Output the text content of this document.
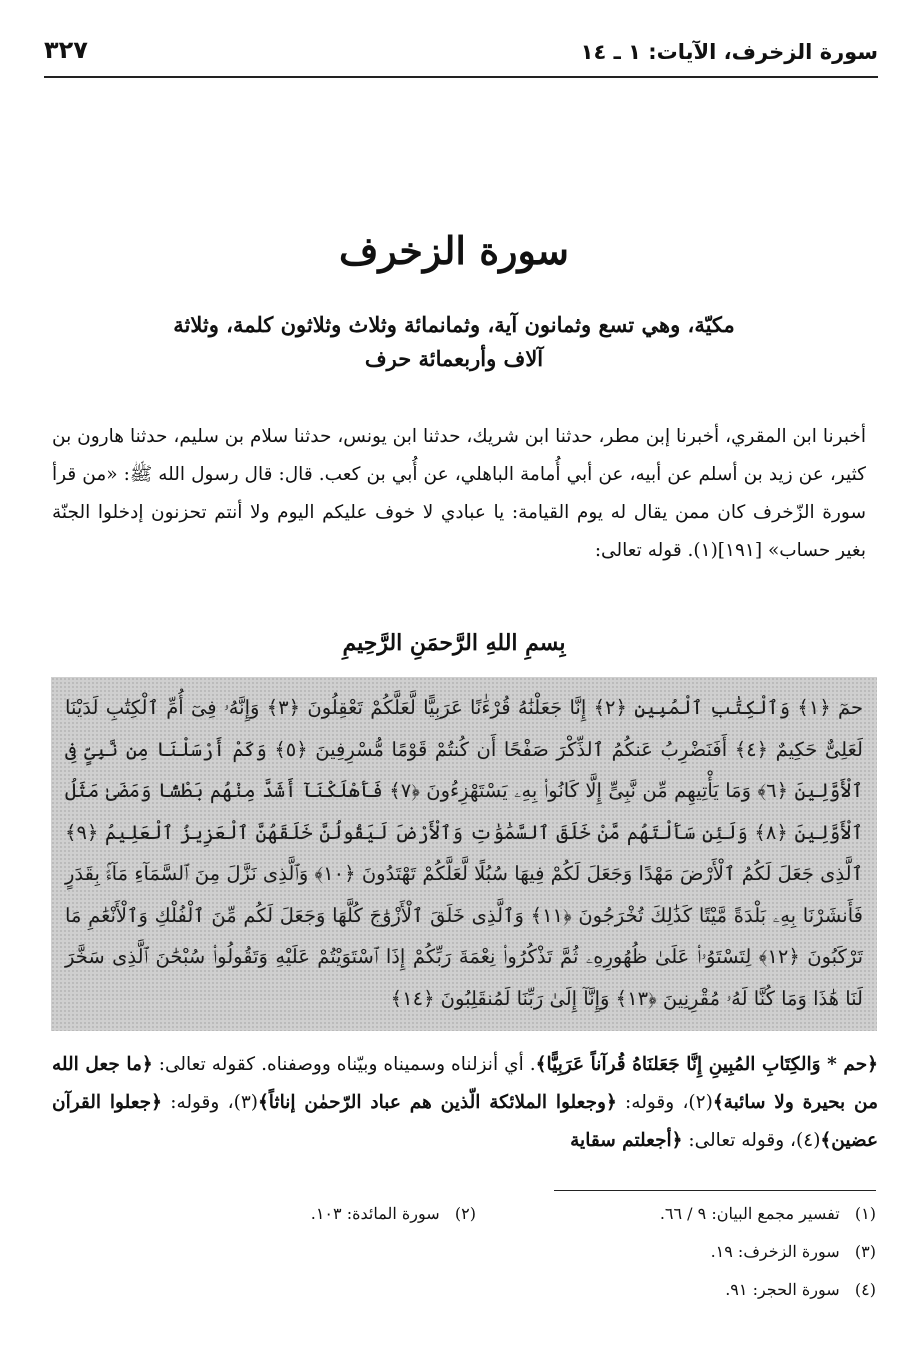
سورة الزخرف، الآيات: ١ ـ ١٤
٣٢٧
سورة الزخرف
مكيّة، وهي تسع وثمانون آية، وثمانمائة وثلاث وثلاثون كلمة، وثلاثة آلاف وأربعمائة حرف
أخبرنا ابن المقري، أخبرنا إبن مطر، حدثنا ابن شريك، حدثنا ابن يونس، حدثنا سلام بن سليم، حدثنا هارون بن كثير، عن زيد بن أسلم عن أبيه، عن أبي أُمامة الباهلي، عن أُبي بن كعب. قال: قال رسول الله ﷺ: «من قرأ سورة الزّخرف كان ممن يقال له يوم القيامة: يا عبادي لا خوف عليكم اليوم ولا أنتم تحزنون إدخلوا الجنّة بغير حساب» [١٩١](١). قوله تعالى:
بِسمِ اللهِ الرَّحمَنِ الرَّحِيمِ
حمٓ ﴿١﴾ وَٱلْكِتَٰبِ ٱلْمُبِينِ ﴿٢﴾ إِنَّا جَعَلْنَٰهُ قُرْءَٰنًا عَرَبِيًّا لَّعَلَّكُمْ تَعْقِلُونَ ﴿٣﴾ وَإِنَّهُۥ فِىٓ أُمِّ ٱلْكِتَٰبِ لَدَيْنَا لَعَلِىٌّ حَكِيمٌ ﴿٤﴾ أَفَنَضْرِبُ عَنكُمُ ٱلذِّكْرَ صَفْحًا أَن كُنتُمْ قَوْمًا مُّسْرِفِينَ ﴿٥﴾ وَكَمْ أَرْسَلْنَا مِن نَّبِىٍّ فِى ٱلْأَوَّلِينَ ﴿٦﴾ وَمَا يَأْتِيهِم مِّن نَّبِىٍّ إِلَّا كَانُوا۟ بِهِۦ يَسْتَهْزِءُونَ ﴿٧﴾ فَأَهْلَكْنَآ أَشَدَّ مِنْهُم بَطْشًا وَمَضَىٰ مَثَلُ ٱلْأَوَّلِينَ ﴿٨﴾ وَلَئِن سَأَلْتَهُم مَّنْ خَلَقَ ٱلسَّمَٰوَٰتِ وَٱلْأَرْضَ لَيَقُولُنَّ خَلَقَهُنَّ ٱلْعَزِيزُ ٱلْعَلِيمُ ﴿٩﴾ ٱلَّذِى جَعَلَ لَكُمُ ٱلْأَرْضَ مَهْدًا وَجَعَلَ لَكُمْ فِيهَا سُبُلًا لَّعَلَّكُمْ تَهْتَدُونَ ﴿١٠﴾ وَٱلَّذِى نَزَّلَ مِنَ ٱلسَّمَآءِ مَآءًۢ بِقَدَرٍ فَأَنشَرْنَا بِهِۦ بَلْدَةً مَّيْتًا كَذَٰلِكَ تُخْرَجُونَ ﴿١١﴾ وَٱلَّذِى خَلَقَ ٱلْأَزْوَٰجَ كُلَّهَا وَجَعَلَ لَكُم مِّنَ ٱلْفُلْكِ وَٱلْأَنْعَٰمِ مَا تَرْكَبُونَ ﴿١٢﴾ لِتَسْتَوُۥا۟ عَلَىٰ ظُهُورِهِۦ ثُمَّ تَذْكُرُوا۟ نِعْمَةَ رَبِّكُمْ إِذَا ٱسْتَوَيْتُمْ عَلَيْهِ وَتَقُولُوا۟ سُبْحَٰنَ ٱلَّذِى سَخَّرَ لَنَا هَٰذَا وَمَا كُنَّا لَهُۥ مُقْرِنِينَ ﴿١٣﴾ وَإِنَّآ إِلَىٰ رَبِّنَا لَمُنقَلِبُونَ ﴿١٤﴾
﴿حم * وَالكِتَابِ المُبِينِ إِنَّا جَعَلنَاهُ قُرآناً عَرَبِيًّا﴾. أي أنزلناه وسميناه وبيّناه ووصفناه. كقوله تعالى: ﴿ما جعل الله من بحيرة ولا سائبة﴾(٢)، وقوله: ﴿وجعلوا الملائكة الّذين هم عباد الرّحمٰن إناثاً﴾(٣)، وقوله: ﴿جعلوا القرآن عضين﴾(٤)، وقوله تعالى: ﴿أجعلتم سقاية
(١)   تفسير مجمع البيان: ٩ / ٦٦.
(٢)   سورة المائدة: ١٠٣.
(٣)   سورة الزخرف: ١٩.
(٤)   سورة الحجر: ٩١.
